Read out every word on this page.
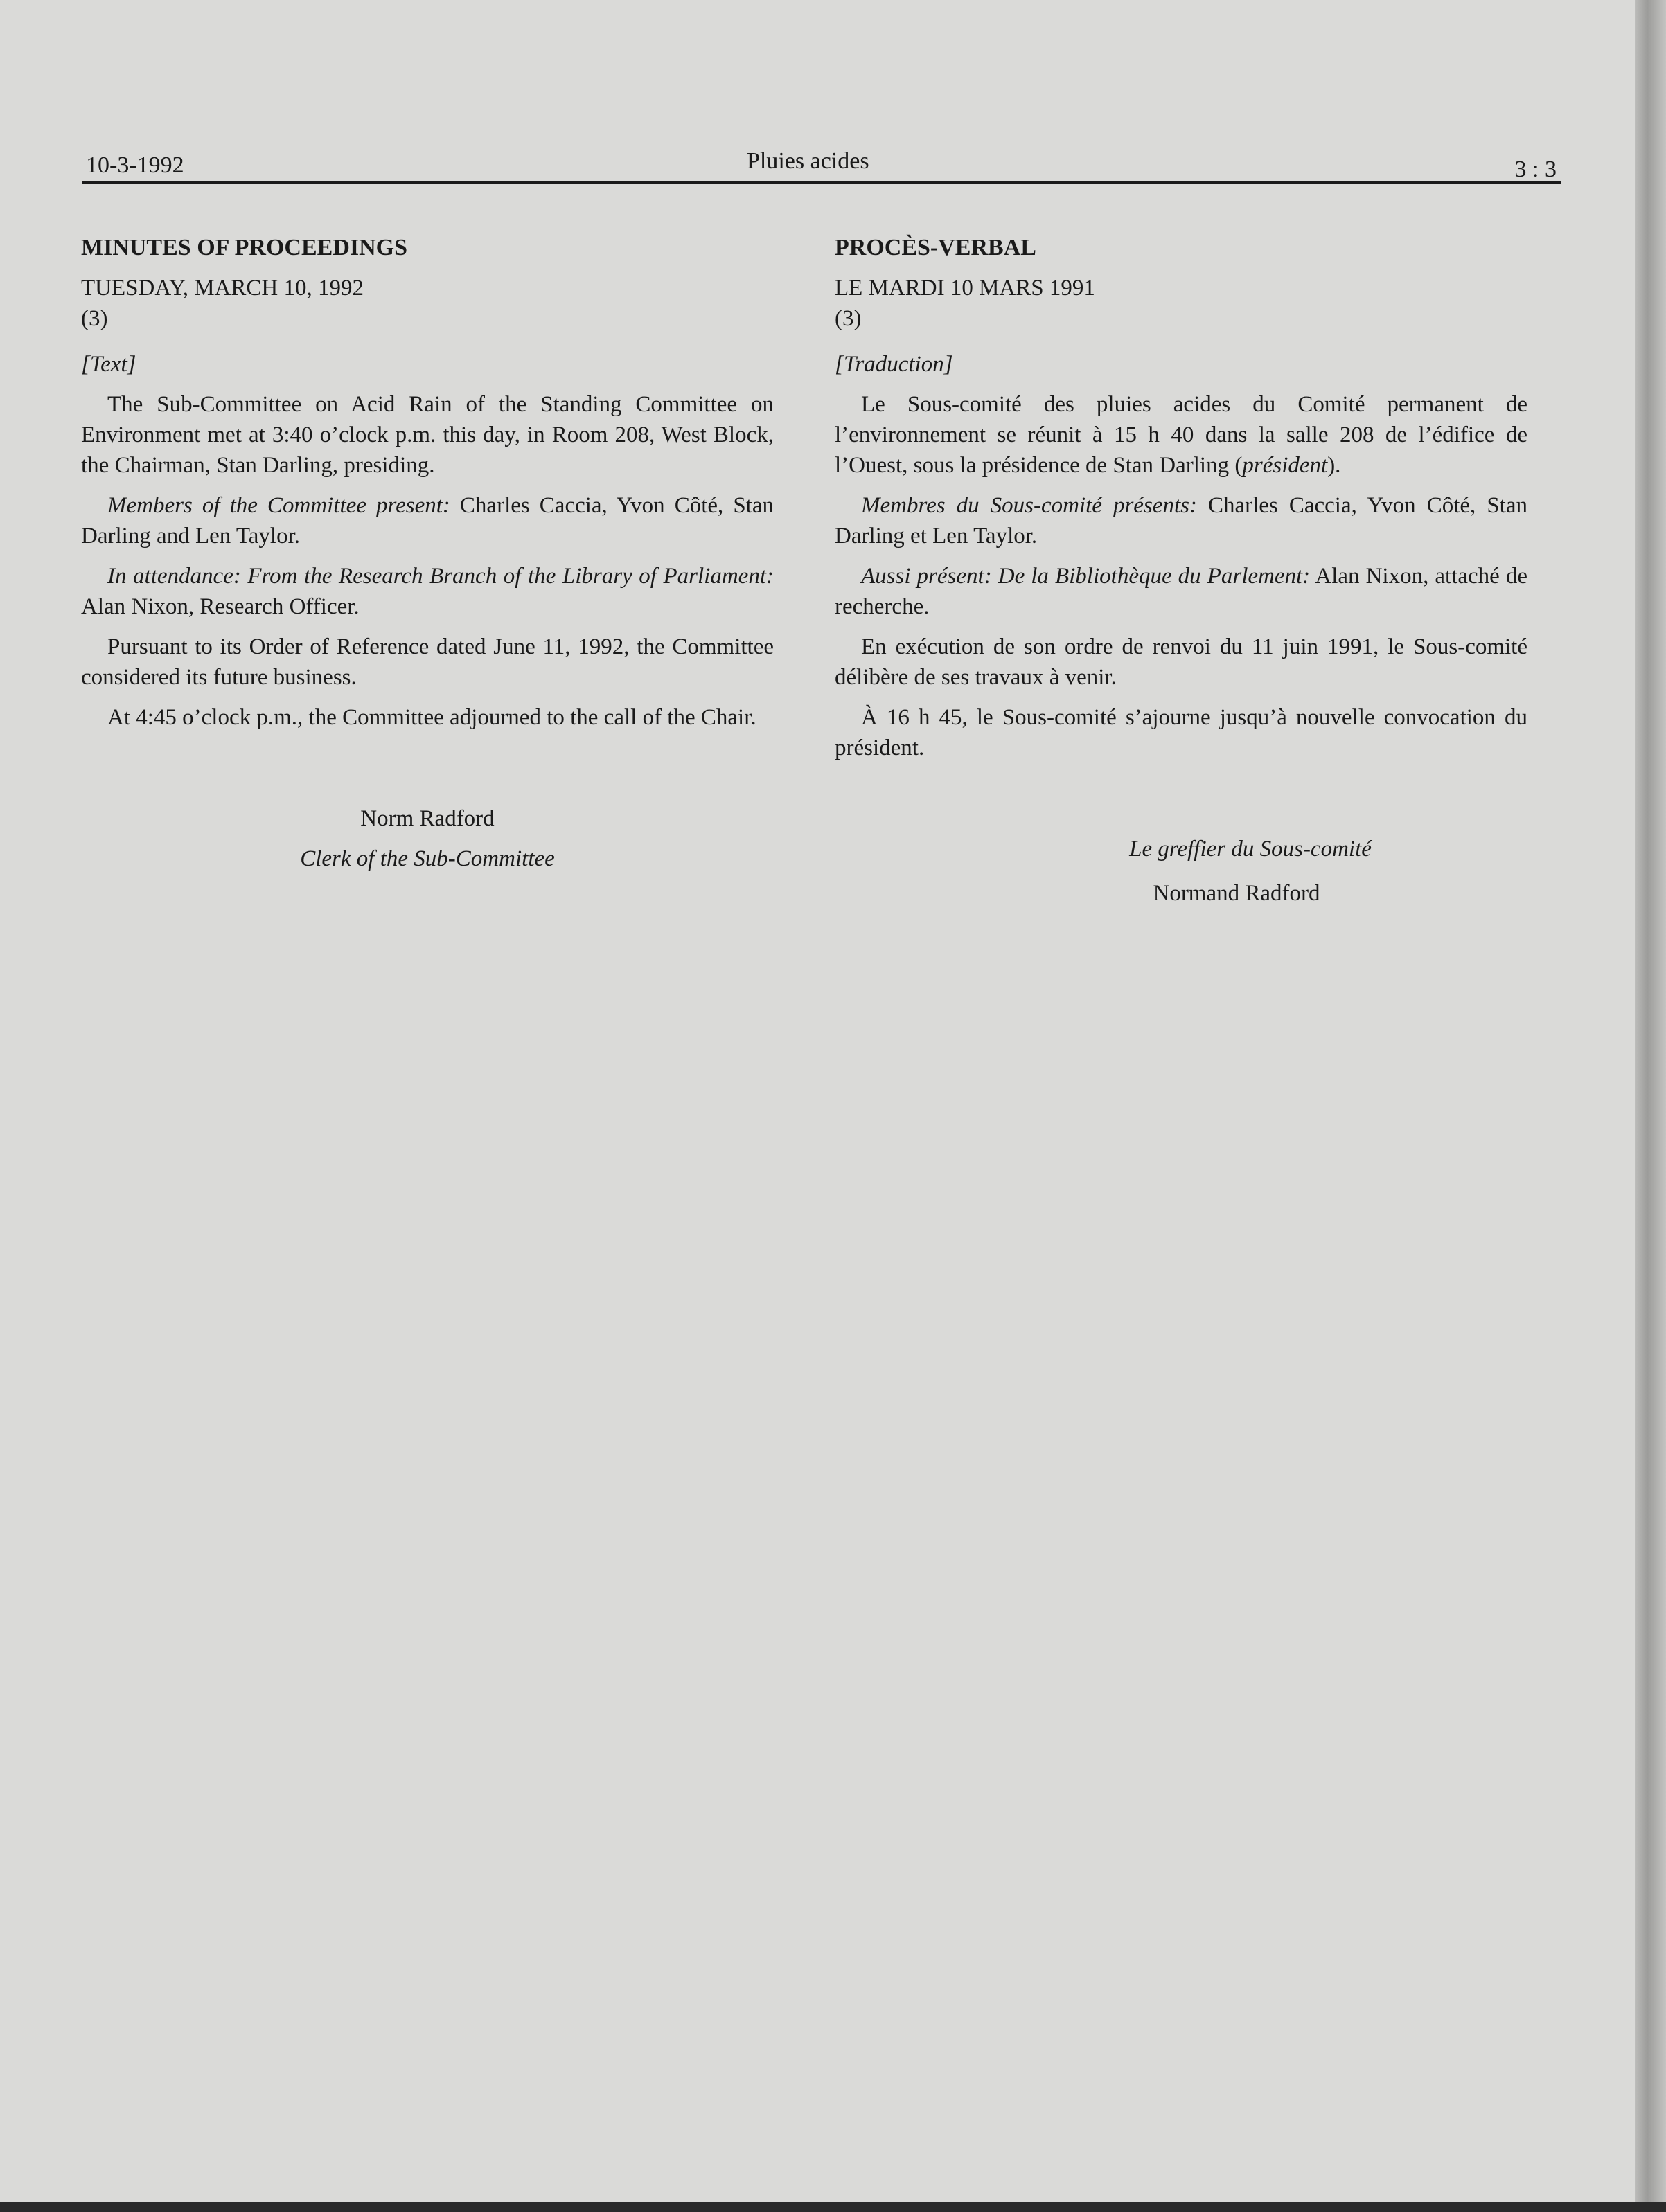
10-3-1992	Pluies acides	3 : 3
MINUTES OF PROCEEDINGS
TUESDAY, MARCH 10, 1992
(3)
[Text]

The Sub-Committee on Acid Rain of the Standing Committee on Environment met at 3:40 o’clock p.m. this day, in Room 208, West Block, the Chairman, Stan Darling, presiding.

Members of the Committee present: Charles Caccia, Yvon Côté, Stan Darling and Len Taylor.

In attendance: From the Research Branch of the Library of Parliament: Alan Nixon, Research Officer.

Pursuant to its Order of Reference dated June 11, 1992, the Committee considered its future business.

At 4:45 o’clock p.m., the Committee adjourned to the call of the Chair.

Norm Radford

Clerk of the Sub-Committee

PROCÈS-VERBAL
LE MARDI 10 MARS 1991
(3)
[Traduction]

Le Sous-comité des pluies acides du Comité permanent de l’environnement se réunit à 15 h 40 dans la salle 208 de l’édifice de l’Ouest, sous la présidence de Stan Darling (président).

Membres du Sous-comité présents: Charles Caccia, Yvon Côté, Stan Darling et Len Taylor.

Aussi présent: De la Bibliothèque du Parlement: Alan Nixon, attaché de recherche.

En exécution de son ordre de renvoi du 11 juin 1991, le Sous-comité délibère de ses travaux à venir.

À 16 h 45, le Sous-comité s’ajourne jusqu’à nouvelle convocation du président.

Le greffier du Sous-comité

Normand Radford
